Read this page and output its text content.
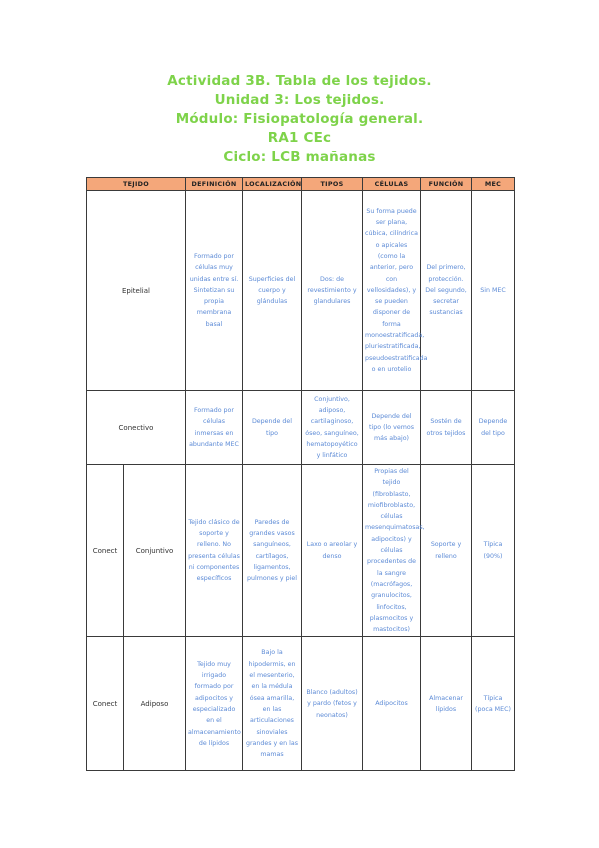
Actividad 3B. Tabla de los tejidos.
Unidad 3: Los tejidos.
Módulo: Fisiopatología general.
RA1 CEc
Ciclo: LCB mañanas
TEJIDO		DEFINICIÓN	LOCALIZACIÓN	TIPOS	CÉLULAS	FUNCIÓN	MEC
Epitelial		Formado por células muy unidas entre sí. Sintetizan su propia membrana basal	Superficies del cuerpo y glándulas	Dos: de revestimiento y glandulares	Su forma puede ser plana, cúbica, cilíndrica o apicales (como la anterior, pero con vellosidades), y se pueden disponer de forma monoestratificada, pluriestratificada, pseudoestratificada o en urotelio	Del primero, protección. Del segundo, secretar sustancias	Sin MEC
Conectivo		Formado por células inmersas en abundante MEC	Depende del tipo	Conjuntivo, adiposo, cartilaginoso, óseo, sanguíneo, hematopoyético y linfático	Depende del tipo (lo vemos más abajo)	Sostén de otros tejidos	Depende del tipo
Conect	Conjuntivo	Tejido clásico de soporte y relleno. No presenta células ni componentes específicos	Paredes de grandes vasos sanguíneos, cartílagos, ligamentos, pulmones y piel	Laxo o areolar y denso	Propias del tejido (fibroblasto, miofibroblasto, células mesenquimatosas, adipocitos) y células procedentes de la sangre (macrófagos, granulocitos, linfocitos, plasmocitos y mastocitos)	Soporte y relleno	Típica (90%)
Conect	Adiposo	Tejido muy irrigado formado por adipocitos y especializado en el almacenamiento de lípidos	Bajo la hipodermis, en el mesenterio, en la médula ósea amarilla, en las articulaciones sinoviales grandes y en las mamas	Blanco (adultos) y pardo (fetos y neonatos)	Adipocitos	Almacenar lípidos	Típica (poca MEC)
